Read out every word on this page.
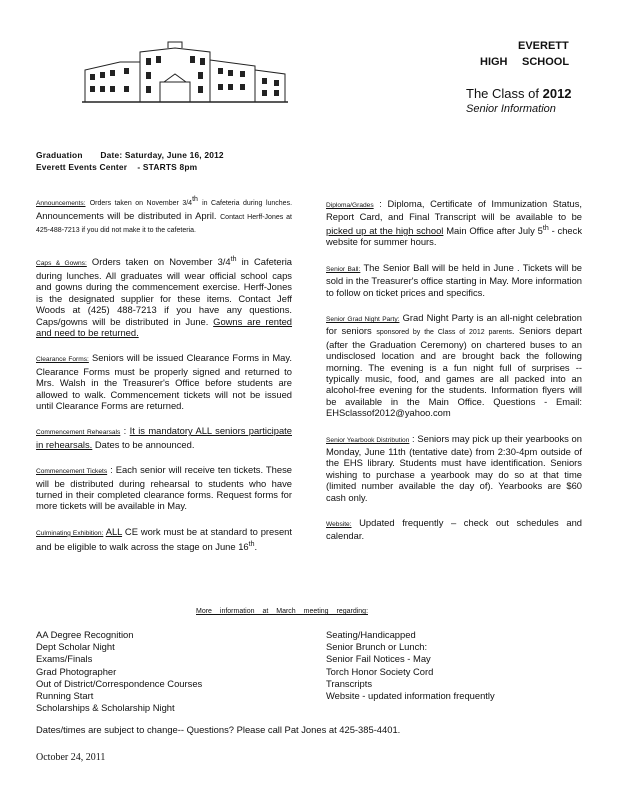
EVERETT
HIGH SCHOOL
The Class of 2012
Senior Information
Graduation Date: Saturday, June 16, 2012
Everett Events Center - STARTS 8pm
Announcements: Orders taken on November 3/4th in Cafeteria during lunches. Announcements will be distributed in April. Contact Herff-Jones at 425-488-7213 if you did not make it to the cafeteria.
Caps & Gowns: Orders taken on November 3/4th in Cafeteria during lunches. All graduates will wear official school caps and gowns during the commencement exercise. Herff-Jones is the designated supplier for these items. Contact Jeff Woods at (425) 488-7213 if you have any questions. Caps/gowns will be distributed in June. Gowns are rented and need to be returned.
Clearance Forms: Seniors will be issued Clearance Forms in May. Clearance Forms must be properly signed and returned to Mrs. Walsh in the Treasurer's Office before students are allowed to walk. Commencement tickets will not be issued until Clearance Forms are returned.
Commencement Rehearsals : It is mandatory ALL seniors participate in rehearsals. Dates to be announced.
Commencement Tickets : Each senior will receive ten tickets. These will be distributed during rehearsal to students who have turned in their completed clearance forms. Request forms for more tickets will be available in May.
Culminating Exhibition: ALL CE work must be at standard to present and be eligible to walk across the stage on June 16th.
Diploma/Grades : Diploma, Certificate of Immunization Status, Report Card, and Final Transcript will be available to be picked up at the high school Main Office after July 5th - check website for summer hours.
Senior Ball: The Senior Ball will be held in June . Tickets will be sold in the Treasurer's office starting in May. More information to follow on ticket prices and specifics.
Senior Grad Night Party: Grad Night Party is an all-night celebration for seniors sponsored by the Class of 2012 parents. Seniors depart (after the Graduation Ceremony) on chartered buses to an undisclosed location and are brought back the following morning. The evening is a fun night full of surprises -- typically music, food, and games are all packed into an alcohol-free evening for the students. Information flyers will be available in the Main Office. Questions - Email: EHSclassof2012@yahoo.com
Senior Yearbook Distribution : Seniors may pick up their yearbooks on Monday, June 11th (tentative date) from 2:30-4pm outside of the EHS library. Students must have identification. Seniors wishing to purchase a yearbook may do so at that time (limited number available the day of). Yearbooks are $60 cash only.
Website: Updated frequently – check out schedules and calendar.
More information at March meeting regarding:
AA Degree Recognition
Dept Scholar Night
Exams/Finals
Grad Photographer
Out of District/Correspondence Courses
Running Start
Scholarships & Scholarship Night
Seating/Handicapped
Senior Brunch or Lunch:
Senior Fail Notices - May
Torch Honor Society Cord
Transcripts
Website - updated information frequently
Dates/times are subject to change-- Questions? Please call Pat Jones at 425-385-4401.
October 24, 2011
